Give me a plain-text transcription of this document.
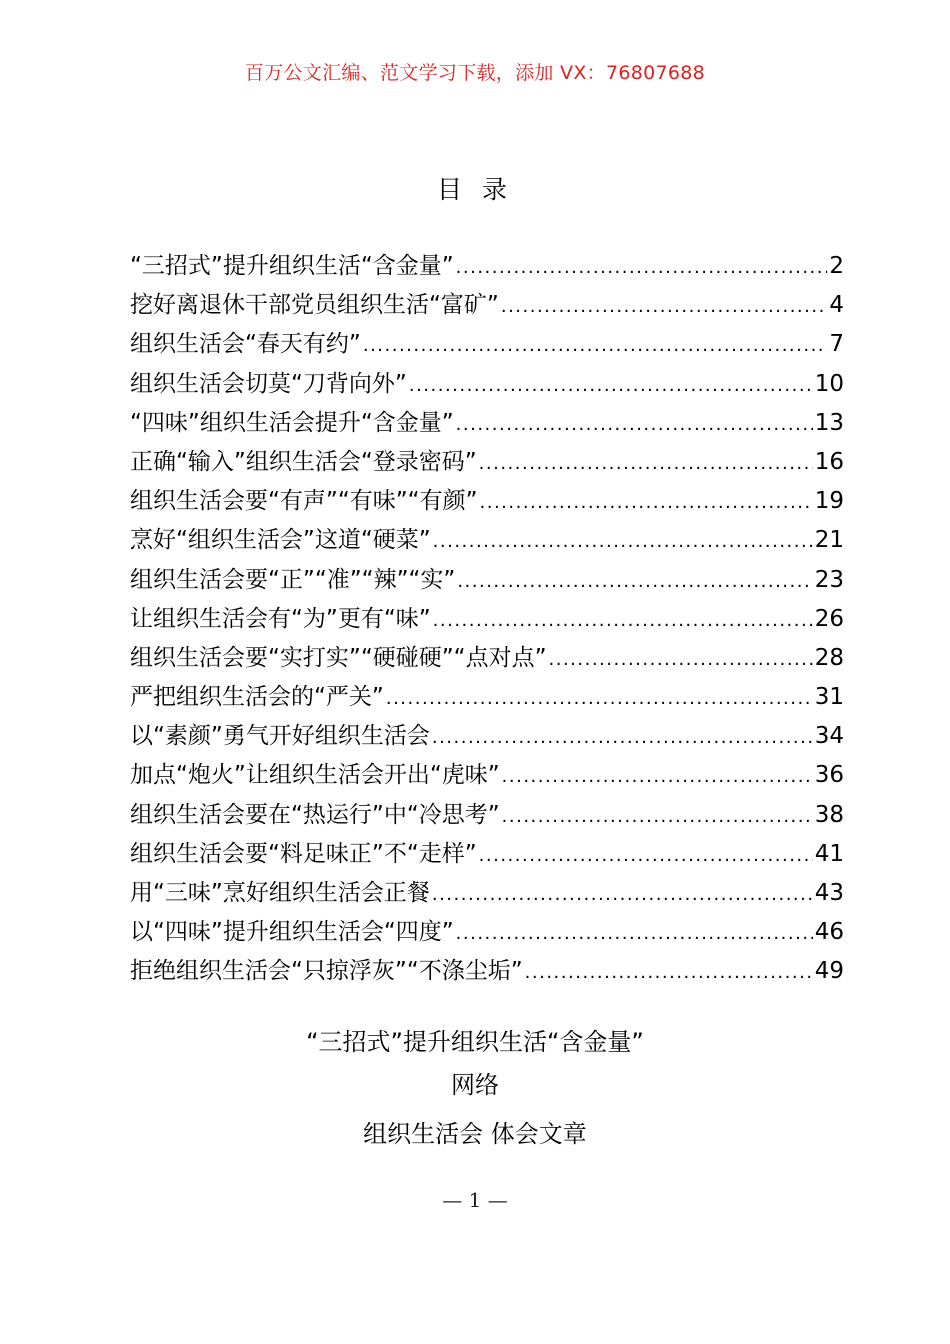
百万公文汇编、范文学习下载，添加 VX：76807688
目 录
“三招式”提升组织生活“含金量” .....	2
挖好离退休干部党员组织生活“富矿” .....	4
组织生活会“春天有约” .....	7
组织生活会切莫“刀背向外” .....	10
“四味”组织生活会提升“含金量” .....	13
正确“输入”组织生活会“登录密码” .....	16
组织生活会要“有声”“有味”“有颜” .....	19
烹好“组织生活会”这道“硬菜” .....	21
组织生活会要“正”“准”“辣”“实” .....	23
让组织生活会有“为”更有“味” .....	26
组织生活会要“实打实”“硬碰硬”“点对点” .....	28
严把组织生活会的“严关” .....	31
以“素颜”勇气开好组织生活会 .....	34
加点“炮火”让组织生活会开出“虎味” .....	36
组织生活会要在“热运行”中“冷思考” .....	38
组织生活会要“料足味正”不“走样” .....	41
用“三味”烹好组织生活会正餐 .....	43
以“四味”提升组织生活会“四度” .....	46
拒绝组织生活会“只掠浮灰”“不涤尘垢” .....	49
“三招式”提升组织生活“含金量”
网络
组织生活会 体会文章
— 1 —
